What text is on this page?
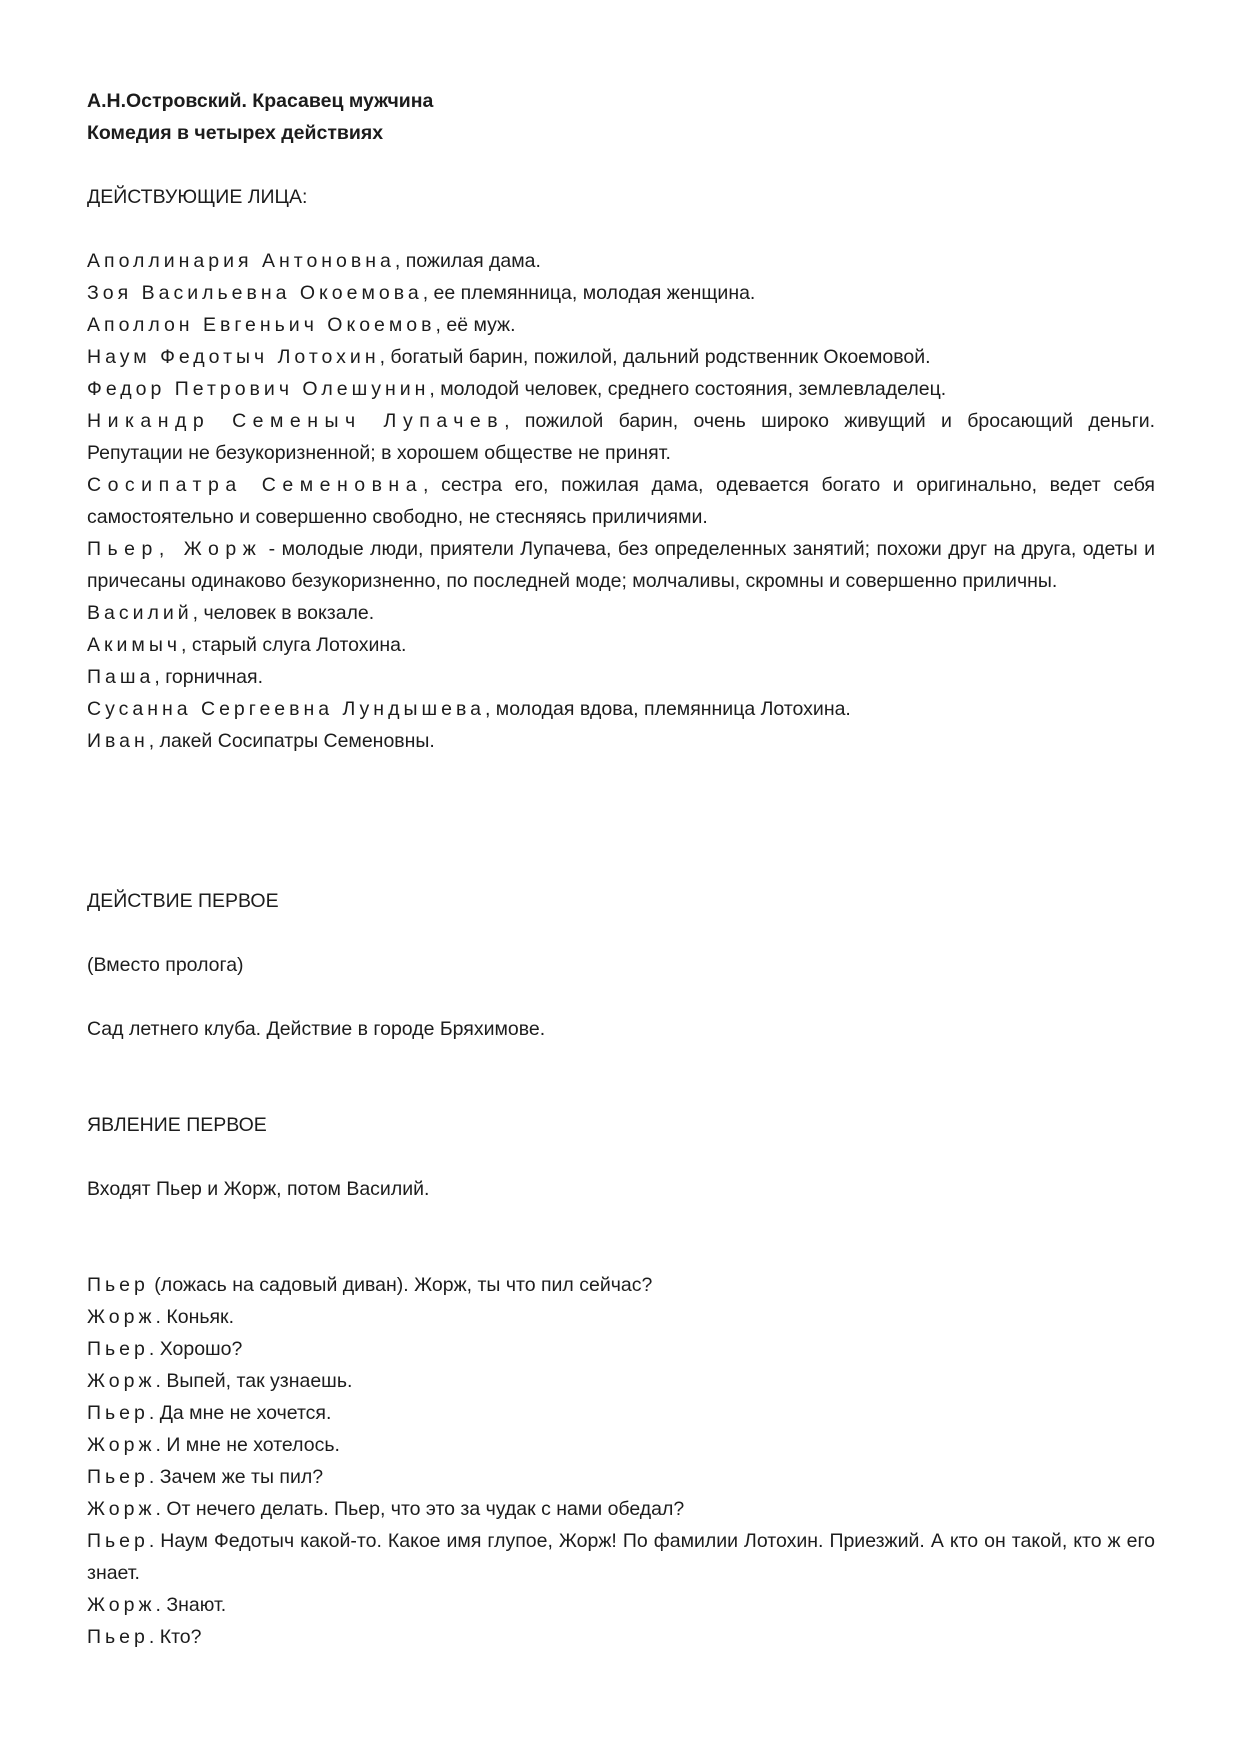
А.Н.Островский. Красавец мужчина

Комедия в четырех действиях

ДЕЙСТВУЮЩИЕ ЛИЦА:

Аполлинария Антоновна, пожилая дама.

Зоя Васильевна Окоемова, ее племянница, молодая женщина.

Аполлон Евгеньич Окоемов, её муж.

Наум Федотыч Лотохин, богатый барин, пожилой, дальний родственник Окоемовой.

Федор Петрович Олешунин, молодой человек, среднего состояния, землевладелец.

Никандр Семеныч Лупачев, пожилой барин, очень широко живущий и бросающий деньги. Репутации не безукоризненной; в хорошем обществе не принят.

Сосипатра Семеновна, сестра его, пожилая дама, одевается богато и оригинально, ведет себя самостоятельно и совершенно свободно, не стесняясь приличиями.

Пьер, Жорж - молодые люди, приятели Лупачева, без определенных занятий; похожи друг на друга, одеты и причесаны одинаково безукоризненно, по последней моде; молчаливы, скромны и совершенно приличны.

Василий, человек в вокзале.

Акимыч, старый слуга Лотохина.

Паша, горничная.

Сусанна Сергеевна Лундышева, молодая вдова, племянница Лотохина.

Иван, лакей Сосипатры Семеновны.

ДЕЙСТВИЕ ПЕРВОЕ

(Вместо пролога)

Сад летнего клуба. Действие в городе Бряхимове.

ЯВЛЕНИЕ ПЕРВОЕ

Входят Пьер и Жорж, потом Василий.

Пьер (ложась на садовый диван). Жорж, ты что пил сейчас?

Жорж. Коньяк.

Пьер. Хорошо?

Жорж. Выпей, так узнаешь.

Пьер. Да мне не хочется.

Жорж. И мне не хотелось.

Пьер. Зачем же ты пил?

Жорж. От нечего делать. Пьер, что это за чудак с нами обедал?

Пьер. Наум Федотыч какой-то. Какое имя глупое, Жорж! По фамилии Лотохин. Приезжий. А кто он такой, кто ж его знает.

Жорж. Знают.

Пьер. Кто?
